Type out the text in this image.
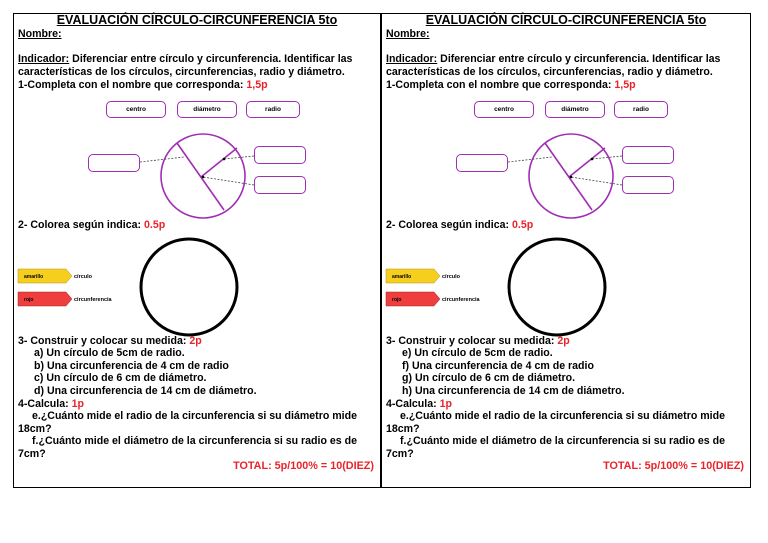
EVALUACIÓN CÍRCULO-CIRCUNFERENCIA 5to
Nombre:
Indicador: Diferenciar entre círculo y circunferencia. Identificar las características de los círculos, circunferencias, radio y diámetro.
1-Completa con el nombre que corresponda: 1,5p
centro	diámetro	radio
amarillo	círculo
rojo	circunferencia
2- Colorea según indica: 0.5p
3- Construir y colocar su medida: 2p
a) Un círculo de 5cm de radio.
b) Una circunferencia de 4 cm de radio
c) Un círculo de 6 cm de diámetro.
d) Una circunferencia de 14 cm de diámetro.
4-Calcula: 1p
e.¿Cuánto mide el radio de la circunferencia si su diámetro mide 18cm?
f.¿Cuánto mide el diámetro de la circunferencia si su radio es de 7cm?
TOTAL: 5p/100% = 10(DIEZ)
EVALUACIÓN CÍRCULO-CIRCUNFERENCIA 5to
Nombre:
Indicador: Diferenciar entre círculo y circunferencia. Identificar las características de los círculos, circunferencias, radio y diámetro.
1-Completa con el nombre que corresponda: 1,5p
centro	diámetro	radio
amarillo	círculo
rojo	circunferencia
2- Colorea según indica: 0.5p
3- Construir y colocar su medida: 2p
e) Un círculo de 5cm de radio.
f) Una circunferencia de 4 cm de radio
g) Un círculo de 6 cm de diámetro.
h) Una circunferencia de 14 cm de diámetro.
4-Calcula: 1p
e.¿Cuánto mide el radio de la circunferencia si su diámetro mide 18cm?
f.¿Cuánto mide el diámetro de la circunferencia si su radio es de 7cm?
TOTAL: 5p/100% = 10(DIEZ)
